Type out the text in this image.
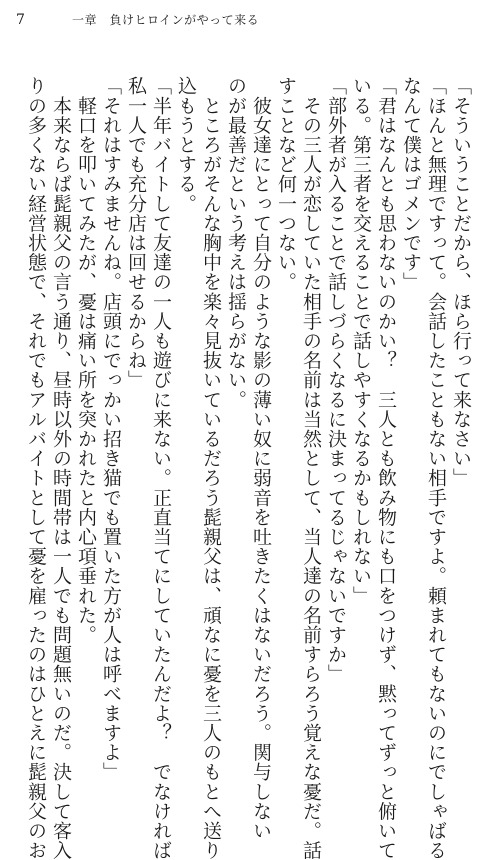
7	一章　負けヒロインがやって来る
「そういうことだから、ほら行って来なさい」
「ほんと無理ですって。会話したこともない相手ですよ。頼まれてもないのにでしゃばる
なんて僕はゴメンです」
「君はなんとも思わないのかい？　三人とも飲み物にも口をつけず、黙ってずっと俯いて
いる。第三者を交えることで話しやすくなるかもしれない」
「部外者が入ることで話しづらくなるに決まってるじゃないですか」
　その三人が恋していた相手の名前は当然として、当人達の名前すらろう覚えな憂だ。話
すことなど何一つない。
　彼女達にとって自分のような影の薄い奴に弱音を吐きたくはないだろう。関与しない
のが最善だという考えは揺らがない。
　ところがそんな胸中を楽々見抜いているだろう髭親父は、頑なに憂を三人のもとへ送り
込もうとする。
「半年バイトして友達の一人も遊びに来ない。正直当てにしていたんだよ？　でなければ
私一人でも充分店は回せるからね」
「それはすみませんね。店頭にでっかい招き猫でも置いた方が人は呼べますよ」
　軽口を叩いてみたが、憂は痛い所を突かれたと内心項垂れた。
　本来ならば髭親父の言う通り、昼時以外の時間帯は一人でも問題無いのだ。決して客入
りの多くない経営状態で、それでもアルバイトとして憂を雇ったのはひとえに髭親父のお
